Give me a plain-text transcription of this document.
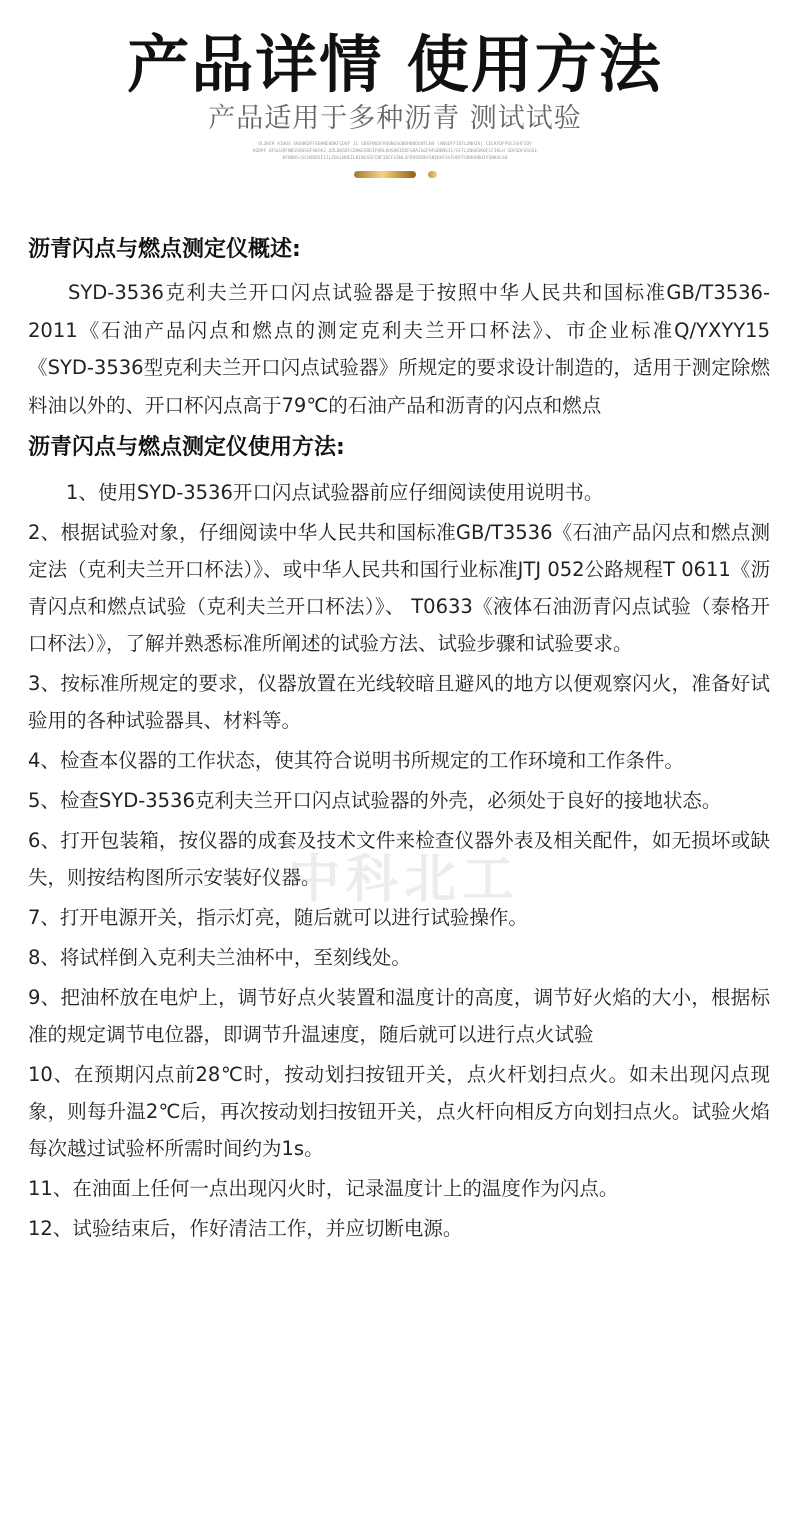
产品详情 使用方法
产品适用于多种沥青 测试试验
OLIKER AIUOS EKGOKDFFSGHNEHDKFIDOF JL GDSFNGDFHSUNGSGBGHNXDUOFLNS (ANSDFFIDFLONHIK) CELKFDFPSEJGHFIQY
KGDPF DFGUJRFNDSSHUSGFSKFKJ OZLDKSDFCDOKEGRDIFHDLOHSOKIEDFGRAJGGFHFGDDNSIC/GFFLINGKSKOFLFIKLH SDFGDFGSGSL
KFNDKS(SCHSDDSFIJLFDGLNHEILKINGSSFCNFIDCFGSNLSFDVERUKYSNIKAFSGFHDFFGDHHHDHIYSNKALSO
沥青闪点与燃点测定仪概述:

SYD-3536克利夫兰开口闪点试验器是于按照中华人民共和国标准GB/T3536-2011《石油产品闪点和燃点的测定克利夫兰开口杯法》、市企业标准Q/YXYY15《SYD-3536型克利夫兰开口闪点试验器》所规定的要求设计制造的，适用于测定除燃料油以外的、开口杯闪点高于79℃的石油产品和沥青的闪点和燃点

沥青闪点与燃点测定仪使用方法:
1、使用SYD-3536开口闪点试验器前应仔细阅读使用说明书。
2、根据试验对象，仔细阅读中华人民共和国标准GB/T3536《石油产品闪点和燃点测定法（克利夫兰开口杯法）》、或中华人民共和国行业标准JTJ 052公路规程T 0611《沥青闪点和燃点试验（克利夫兰开口杯法）》、 T0633《液体石油沥青闪点试验（泰格开口杯法）》，了解并熟悉标准所阐述的试验方法、试验步骤和试验要求。
3、按标准所规定的要求，仪器放置在光线较暗且避风的地方以便观察闪火，准备好试验用的各种试验器具、材料等。
4、检查本仪器的工作状态，使其符合说明书所规定的工作环境和工作条件。
5、检查SYD-3536克利夫兰开口闪点试验器的外壳，必须处于良好的接地状态。
6、打开包装箱，按仪器的成套及技术文件来检查仪器外表及相关配件，如无损坏或缺失，则按结构图所示安装好仪器。
7、打开电源开关，指示灯亮，随后就可以进行试验操作。
8、将试样倒入克利夫兰油杯中，至刻线处。
9、把油杯放在电炉上，调节好点火装置和温度计的高度，调节好火焰的大小，根据标准的规定调节电位器，即调节升温速度，随后就可以进行点火试验
10、在预期闪点前28℃时，按动划扫按钮开关，点火杆划扫点火。如未出现闪点现象，则每升温2℃后，再次按动划扫按钮开关，点火杆向相反方向划扫点火。试验火焰每次越过试验杯所需时间约为1s。
11、在油面上任何一点出现闪火时，记录温度计上的温度作为闪点。
12、试验结束后，作好清洁工作，并应切断电源。
中科北工
